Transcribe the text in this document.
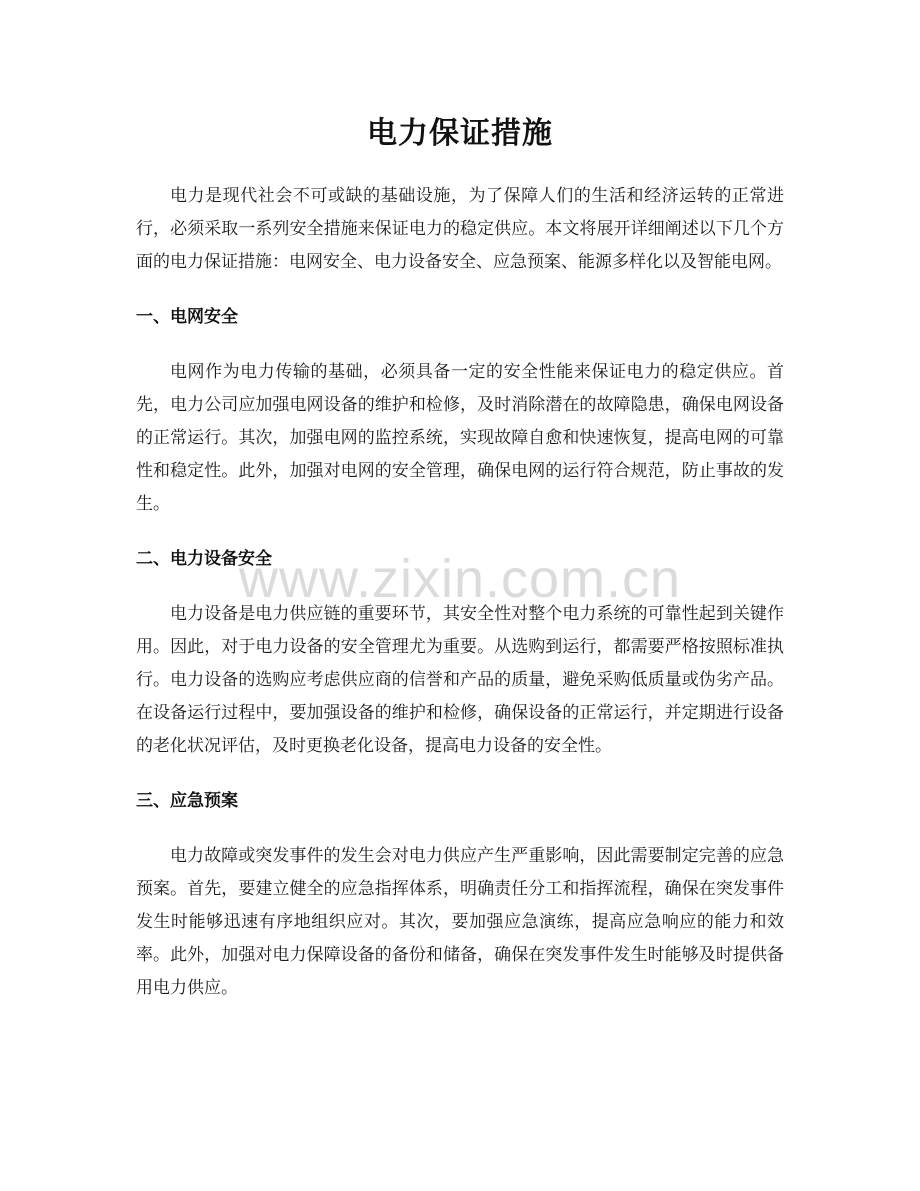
电力保证措施

电力是现代社会不可或缺的基础设施，为了保障人们的生活和经济运转的正常进行，必须采取一系列安全措施来保证电力的稳定供应。本文将展开详细阐述以下几个方面的电力保证措施：电网安全、电力设备安全、应急预案、能源多样化以及智能电网。

一、电网安全

电网作为电力传输的基础，必须具备一定的安全性能来保证电力的稳定供应。首先，电力公司应加强电网设备的维护和检修，及时消除潜在的故障隐患，确保电网设备的正常运行。其次，加强电网的监控系统，实现故障自愈和快速恢复，提高电网的可靠性和稳定性。此外，加强对电网的安全管理，确保电网的运行符合规范，防止事故的发生。

二、电力设备安全

电力设备是电力供应链的重要环节，其安全性对整个电力系统的可靠性起到关键作用。因此，对于电力设备的安全管理尤为重要。从选购到运行，都需要严格按照标准执行。电力设备的选购应考虑供应商的信誉和产品的质量，避免采购低质量或伪劣产品。在设备运行过程中，要加强设备的维护和检修，确保设备的正常运行，并定期进行设备的老化状况评估，及时更换老化设备，提高电力设备的安全性。

三、应急预案

电力故障或突发事件的发生会对电力供应产生严重影响，因此需要制定完善的应急预案。首先，要建立健全的应急指挥体系，明确责任分工和指挥流程，确保在突发事件发生时能够迅速有序地组织应对。其次，要加强应急演练，提高应急响应的能力和效率。此外，加强对电力保障设备的备份和储备，确保在突发事件发生时能够及时提供备用电力供应。

www.zixin.com.cn
